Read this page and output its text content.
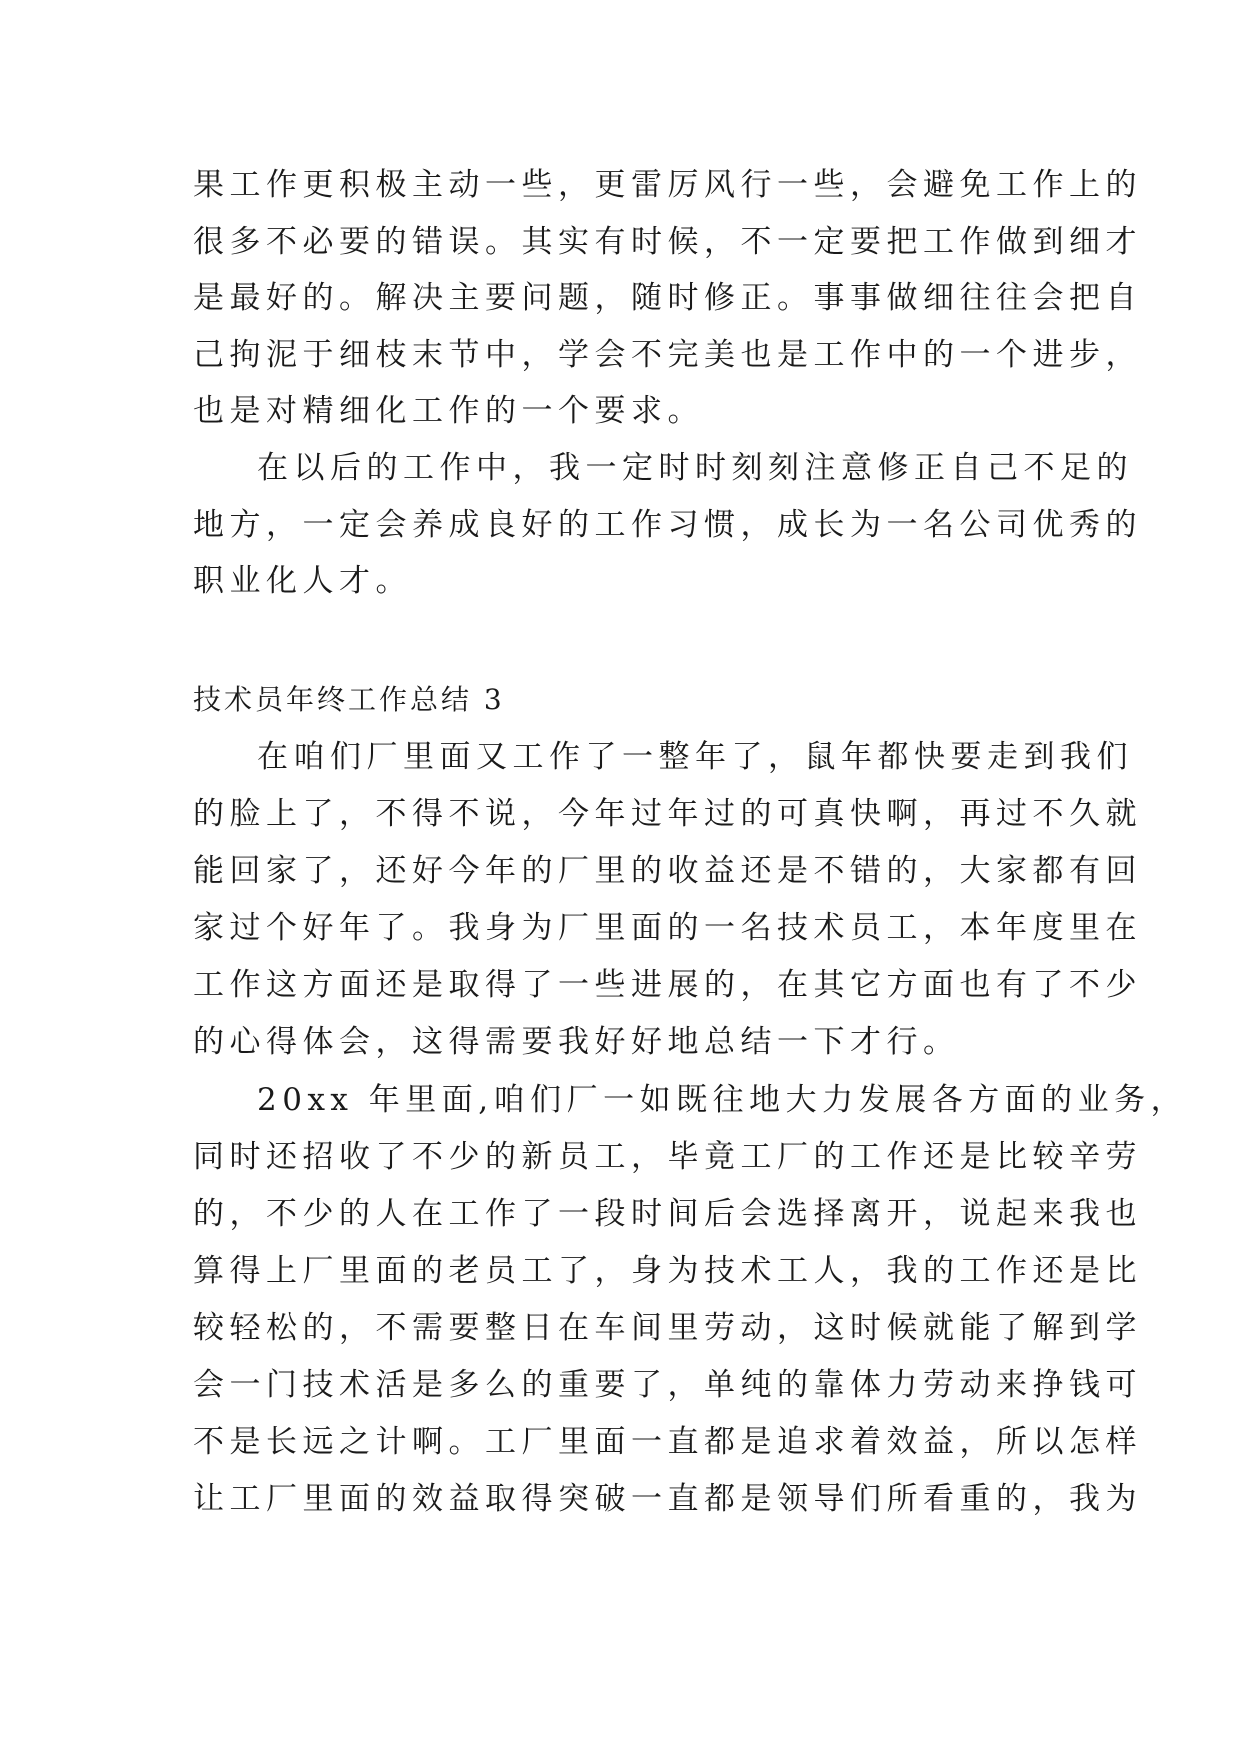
果工作更积极主动一些，更雷厉风行一些，会避免工作上的
很多不必要的错误。其实有时候，不一定要把工作做到细才
是最好的。解决主要问题，随时修正。事事做细往往会把自
己拘泥于细枝末节中，学会不完美也是工作中的一个进步，
也是对精细化工作的一个要求。
在以后的工作中，我一定时时刻刻注意修正自己不足的
地方，一定会养成良好的工作习惯，成长为一名公司优秀的
职业化人才。
技术员年终工作总结 3
在咱们厂里面又工作了一整年了，鼠年都快要走到我们
的脸上了，不得不说，今年过年过的可真快啊，再过不久就
能回家了，还好今年的厂里的收益还是不错的，大家都有回
家过个好年了。我身为厂里面的一名技术员工，本年度里在
工作这方面还是取得了一些进展的，在其它方面也有了不少
的心得体会，这得需要我好好地总结一下才行。
20xx 年里面,咱们厂一如既往地大力发展各方面的业务，
同时还招收了不少的新员工，毕竟工厂的工作还是比较辛劳
的，不少的人在工作了一段时间后会选择离开，说起来我也
算得上厂里面的老员工了，身为技术工人，我的工作还是比
较轻松的，不需要整日在车间里劳动，这时候就能了解到学
会一门技术活是多么的重要了，单纯的靠体力劳动来挣钱可
不是长远之计啊。工厂里面一直都是追求着效益，所以怎样
让工厂里面的效益取得突破一直都是领导们所看重的，我为
